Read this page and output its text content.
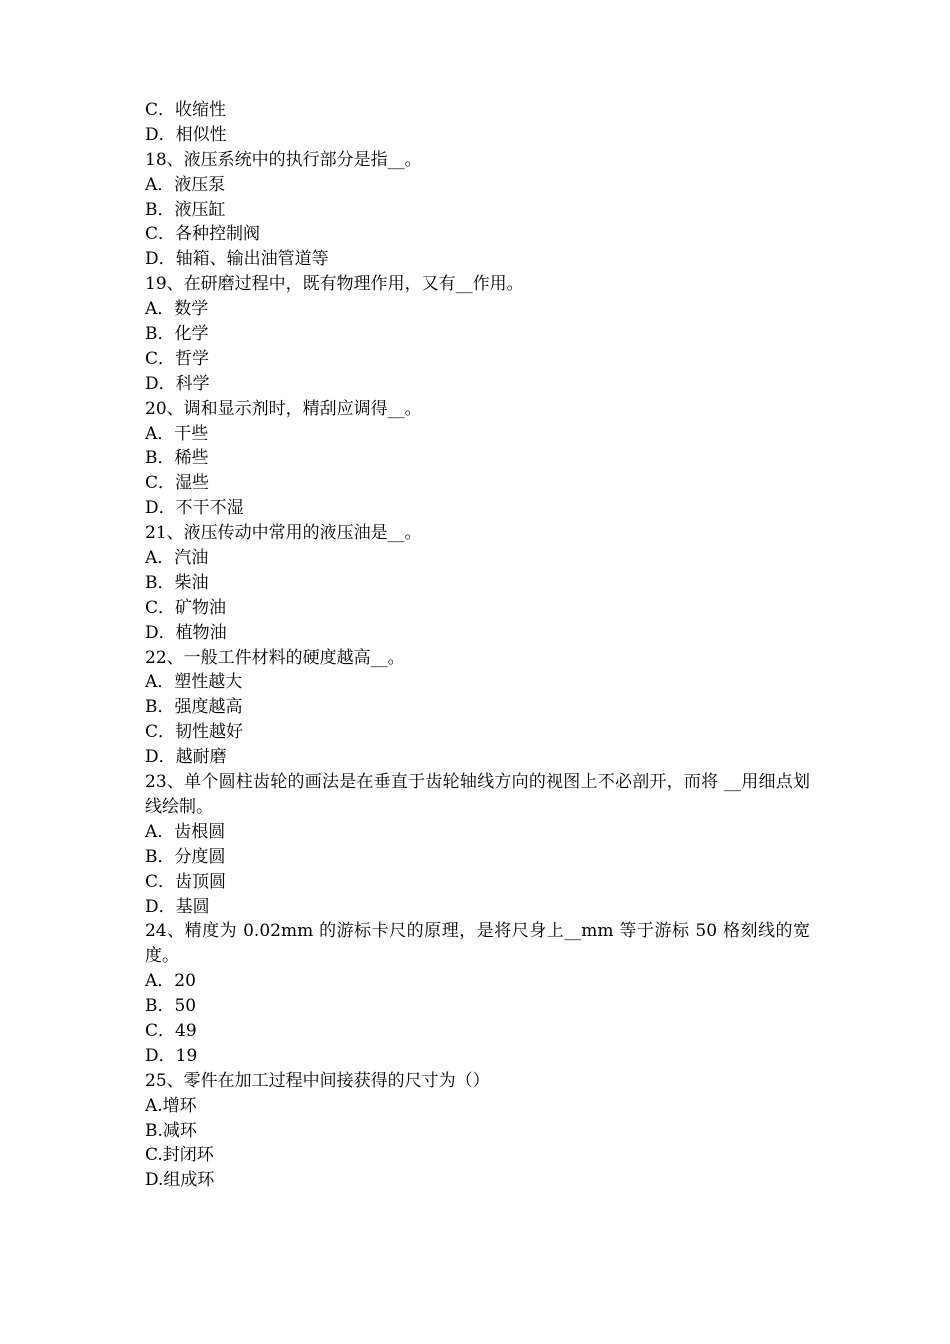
C．收缩性
D．相似性
18、液压系统中的执行部分是指__。
A．液压泵
B．液压缸
C．各种控制阀
D．轴箱、输出油管道等
19、在研磨过程中，既有物理作用，又有__作用。
A．数学
B．化学
C．哲学
D．科学
20、调和显示剂时，精刮应调得__。
A．干些
B．稀些
C．湿些
D．不干不湿
21、液压传动中常用的液压油是__。
A．汽油
B．柴油
C．矿物油
D．植物油
22、一般工件材料的硬度越高__。
A．塑性越大
B．强度越高
C．韧性越好
D．越耐磨
23、单个圆柱齿轮的画法是在垂直于齿轮轴线方向的视图上不必剖开，而将 __用细点划线绘制。
A．齿根圆
B．分度圆
C．齿顶圆
D．基圆
24、精度为 0.02mm 的游标卡尺的原理，是将尺身上__mm 等于游标 50 格刻线的宽度。
A．20
B．50
C．49
D．19
25、零件在加工过程中间接获得的尺寸为（）
A.增环
B.减环
C.封闭环
D.组成环
